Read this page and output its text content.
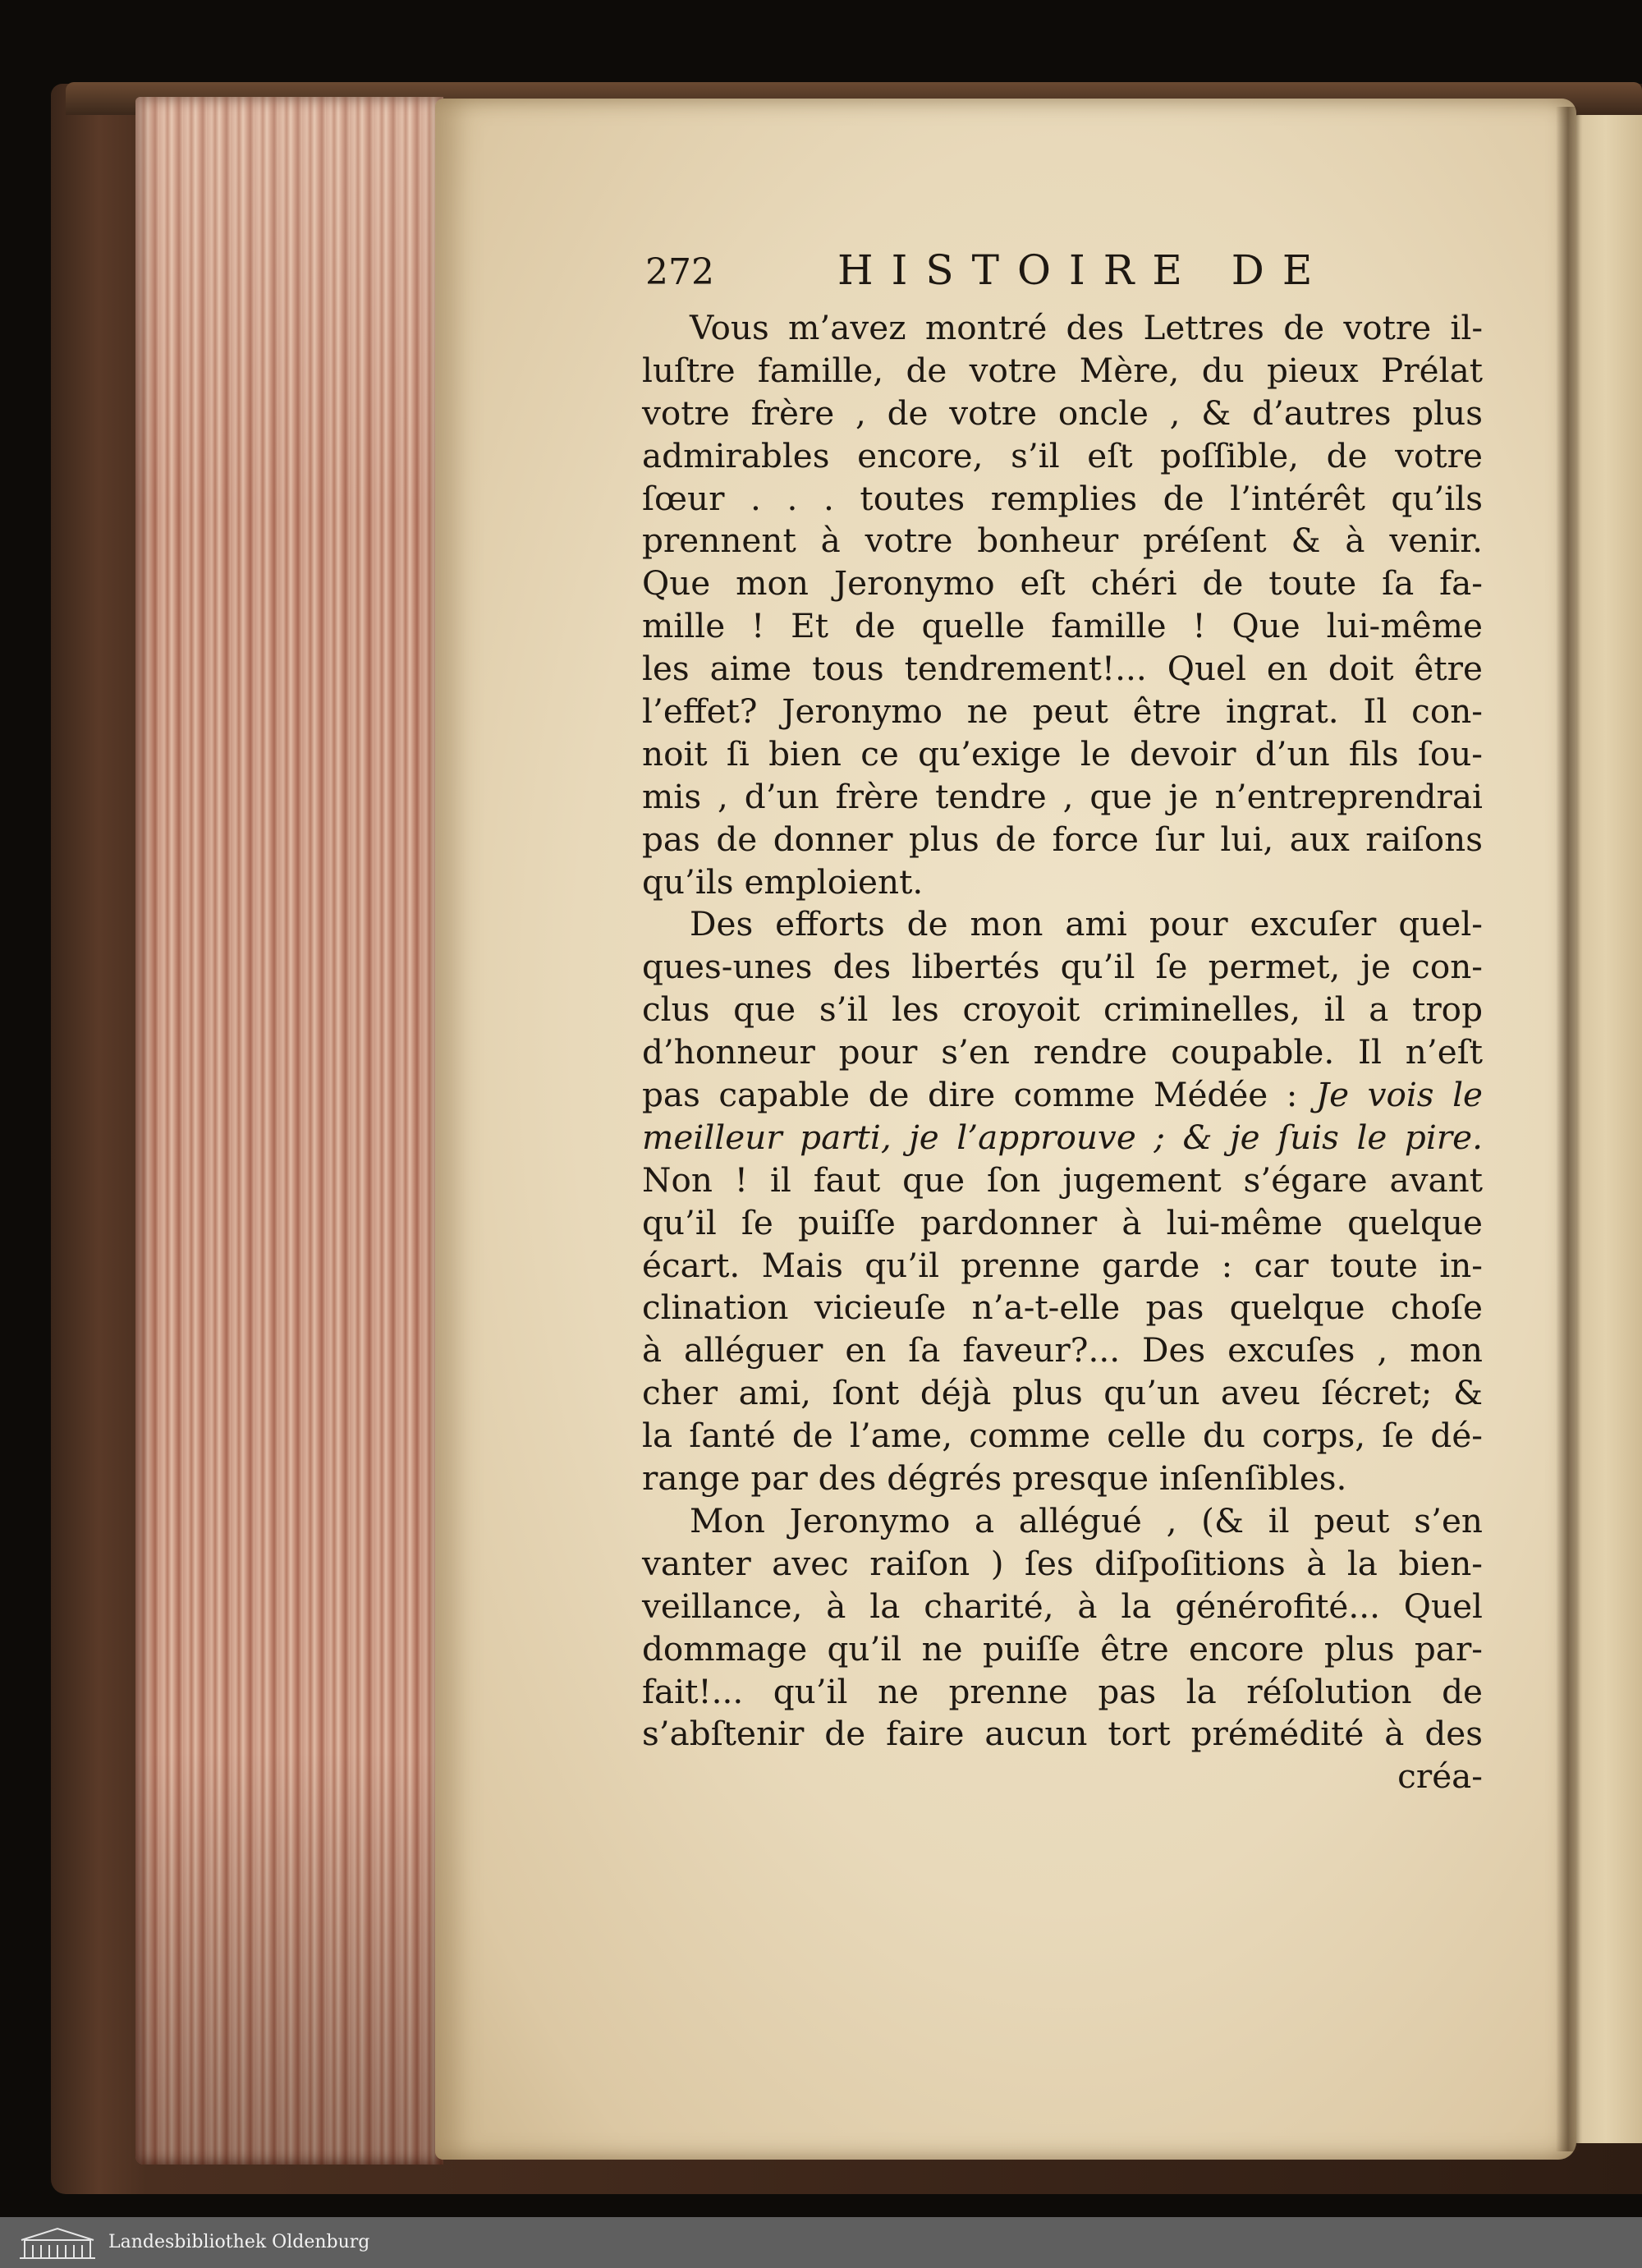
272	HISTOIRE DE
Vous m’avez montré des Lettres de votre il-
luſtre famille, de votre Mère, du pieux Prélat
votre frère , de votre oncle , & d’autres plus
admirables encore, s’il eſt poſſible, de votre
ſœur . . . toutes remplies de l’intérêt qu’ils
prennent à votre bonheur préſent & à venir.
Que mon Jeronymo eſt chéri de toute ſa fa-
mille ! Et de quelle famille ! Que lui-même
les aime tous tendrement!... Quel en doit être
l’effet? Jeronymo ne peut être ingrat. Il con-
noit ſi bien ce qu’exige le devoir d’un fils ſou-
mis , d’un frère tendre , que je n’entreprendrai
pas de donner plus de force ſur lui, aux raiſons
qu’ils emploient.
Des efforts de mon ami pour excuſer quel-
ques-unes des libertés qu’il ſe permet, je con-
clus que s’il les croyoit criminelles, il a trop
d’honneur pour s’en rendre coupable. Il n’eſt
pas capable de dire comme Médée : Je vois le
meilleur parti, je l’approuve ; & je ſuis le pire.
Non ! il faut que ſon jugement s’égare avant
qu’il ſe puiſſe pardonner à lui-même quelque
écart. Mais qu’il prenne garde : car toute in-
clination vicieuſe n’a-t-elle pas quelque choſe
à alléguer en ſa faveur?... Des excuſes , mon
cher ami, ſont déjà plus qu’un aveu ſécret; &
la ſanté de l’ame, comme celle du corps, ſe dé-
range par des dégrés presque inſenſibles.
Mon Jeronymo a allégué , (& il peut s’en
vanter avec raiſon ) ſes diſpoſitions à la bien-
veillance, à la charité, à la générofité... Quel
dommage qu’il ne puiſſe être encore plus par-
fait!... qu’il ne prenne pas la réſolution de
s’abſtenir de faire aucun tort prémédité à des
créa-
Landesbibliothek Oldenburg
